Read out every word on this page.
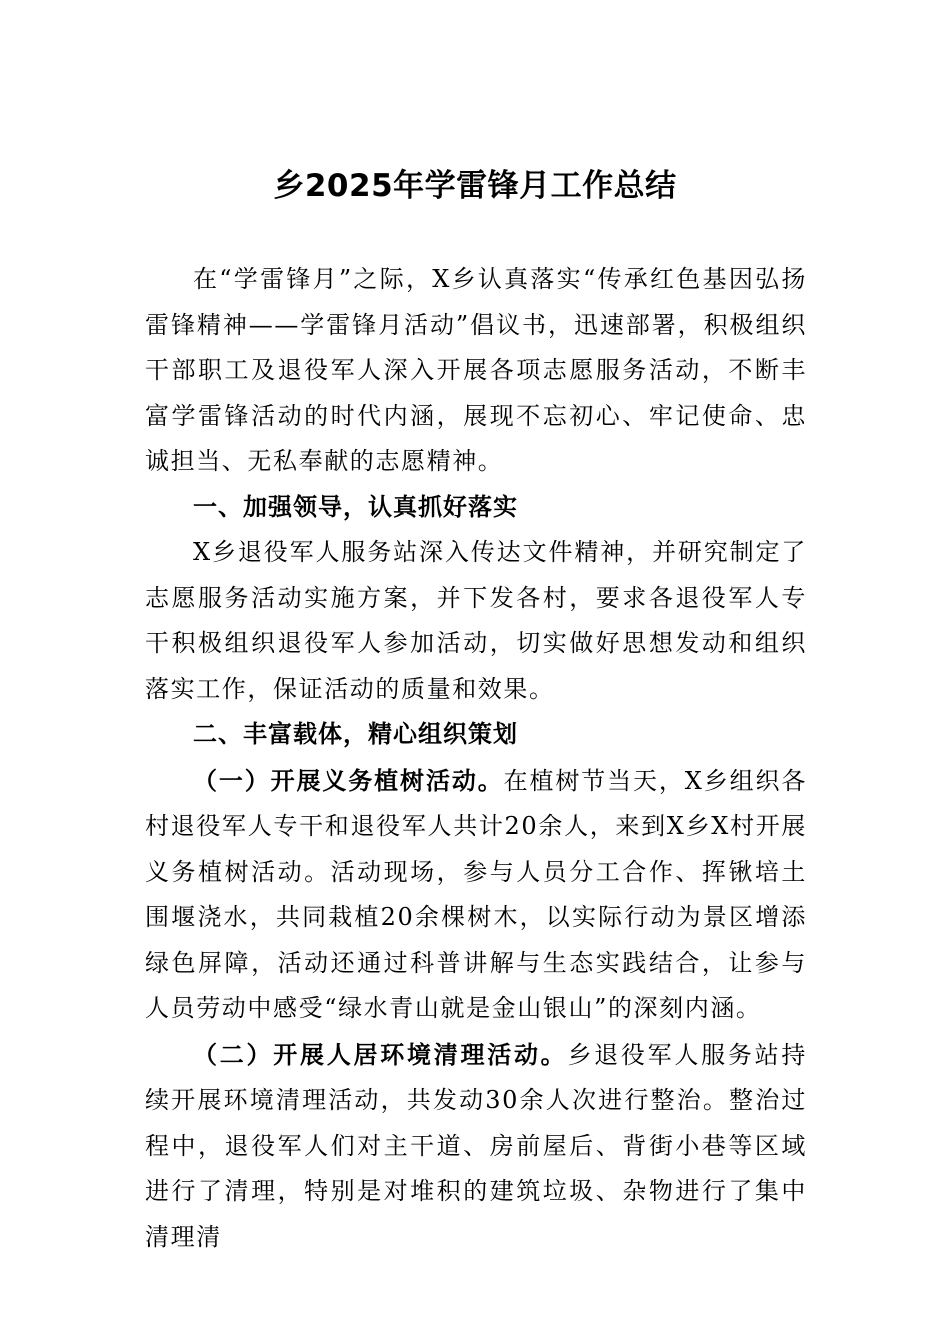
乡2025年学雷锋月工作总结

在“学雷锋月”之际，X乡认真落实“传承红色基因弘扬雷锋精神——学雷锋月活动”倡议书，迅速部署，积极组织干部职工及退役军人深入开展各项志愿服务活动，不断丰富学雷锋活动的时代内涵，展现不忘初心、牢记使命、忠诚担当、无私奉献的志愿精神。

一、加强领导，认真抓好落实

X乡退役军人服务站深入传达文件精神，并研究制定了志愿服务活动实施方案，并下发各村，要求各退役军人专干积极组织退役军人参加活动，切实做好思想发动和组织落实工作，保证活动的质量和效果。

二、丰富载体，精心组织策划

（一）开展义务植树活动。在植树节当天，X乡组织各村退役军人专干和退役军人共计20余人，来到X乡X村开展义务植树活动。活动现场，参与人员分工合作、挥锹培土围堰浇水，共同栽植20余棵树木，以实际行动为景区增添绿色屏障，活动还通过科普讲解与生态实践结合，让参与人员劳动中感受“绿水青山就是金山银山”的深刻内涵。

（二）开展人居环境清理活动。乡退役军人服务站持续开展环境清理活动，共发动30余人次进行整治。整治过程中，退役军人们对主干道、房前屋后、背街小巷等区域进行了清理，特别是对堆积的建筑垃圾、杂物进行了集中清理清
